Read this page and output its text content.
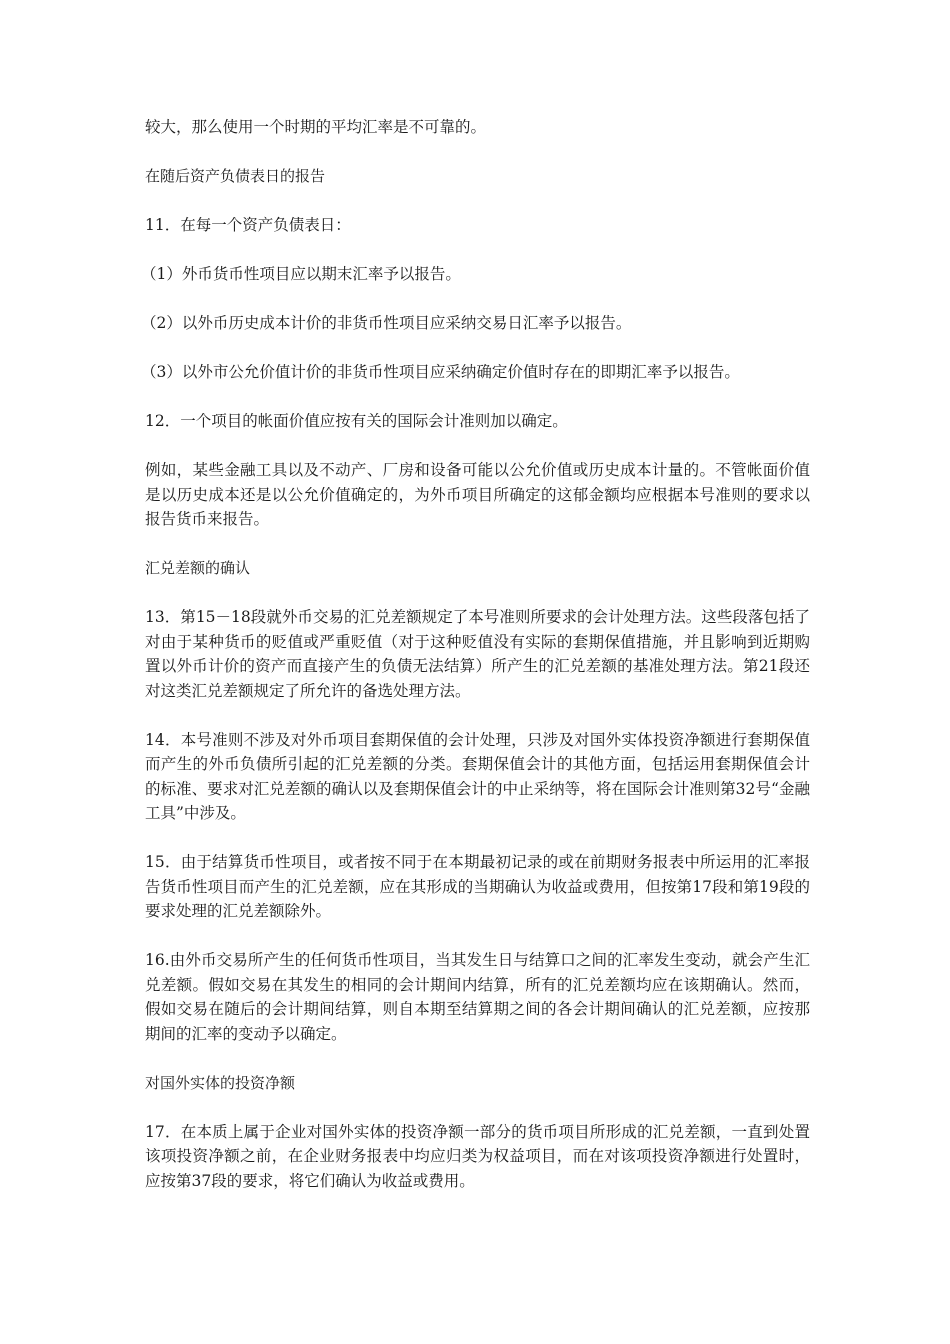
较大，那么使用一个时期的平均汇率是不可靠的。

在随后资产负债表日的报告

11．在每一个资产负债表日：

（1）外币货币性项目应以期末汇率予以报告。

（2）以外币历史成本计价的非货币性项目应采纳交易日汇率予以报告。

（3）以外市公允价值计价的非货币性项目应采纳确定价值时存在的即期汇率予以报告。

12．一个项目的帐面价值应按有关的国际会计准则加以确定。

例如，某些金融工具以及不动产、厂房和设备可能以公允价值或历史成本计量的。不管帐面价值是以历史成本还是以公允价值确定的，为外币项目所确定的这郁金额均应根据本号准则的要求以报告货币来报告。

汇兑差额的确认

13．第15－18段就外币交易的汇兑差额规定了本号准则所要求的会计处理方法。这些段落包括了对由于某种货币的贬值或严重贬值（对于这种贬值没有实际的套期保值措施，并且影响到近期购置以外币计价的资产而直接产生的负债无法结算）所产生的汇兑差额的基准处理方法。第21段还对这类汇兑差额规定了所允许的备选处理方法。

14．本号准则不涉及对外币项目套期保值的会计处理，只涉及对国外实体投资净额进行套期保值而产生的外币负债所引起的汇兑差额的分类。套期保值会计的其他方面，包括运用套期保值会计的标准、要求对汇兑差额的确认以及套期保值会计的中止采纳等，将在国际会计准则第32号“金融工具”中涉及。

15．由于结算货币性项目，或者按不同于在本期最初记录的或在前期财务报表中所运用的汇率报告货币性项目而产生的汇兑差额，应在其形成的当期确认为收益或费用，但按第17段和第19段的要求处理的汇兑差额除外。

16.由外币交易所产生的任何货币性项目，当其发生日与结算口之间的汇率发生变动，就会产生汇兑差额。假如交易在其发生的相同的会计期间内结算，所有的汇兑差额均应在该期确认。然而，假如交易在随后的会计期间结算，则自本期至结算期之间的各会计期间确认的汇兑差额，应按那期间的汇率的变动予以确定。

对国外实体的投资净额

17．在本质上属于企业对国外实体的投资净额一部分的货币项目所形成的汇兑差额，一直到处置该项投资净额之前，在企业财务报表中均应归类为权益项目，而在对该项投资净额进行处置时，应按第37段的要求，将它们确认为收益或费用。
